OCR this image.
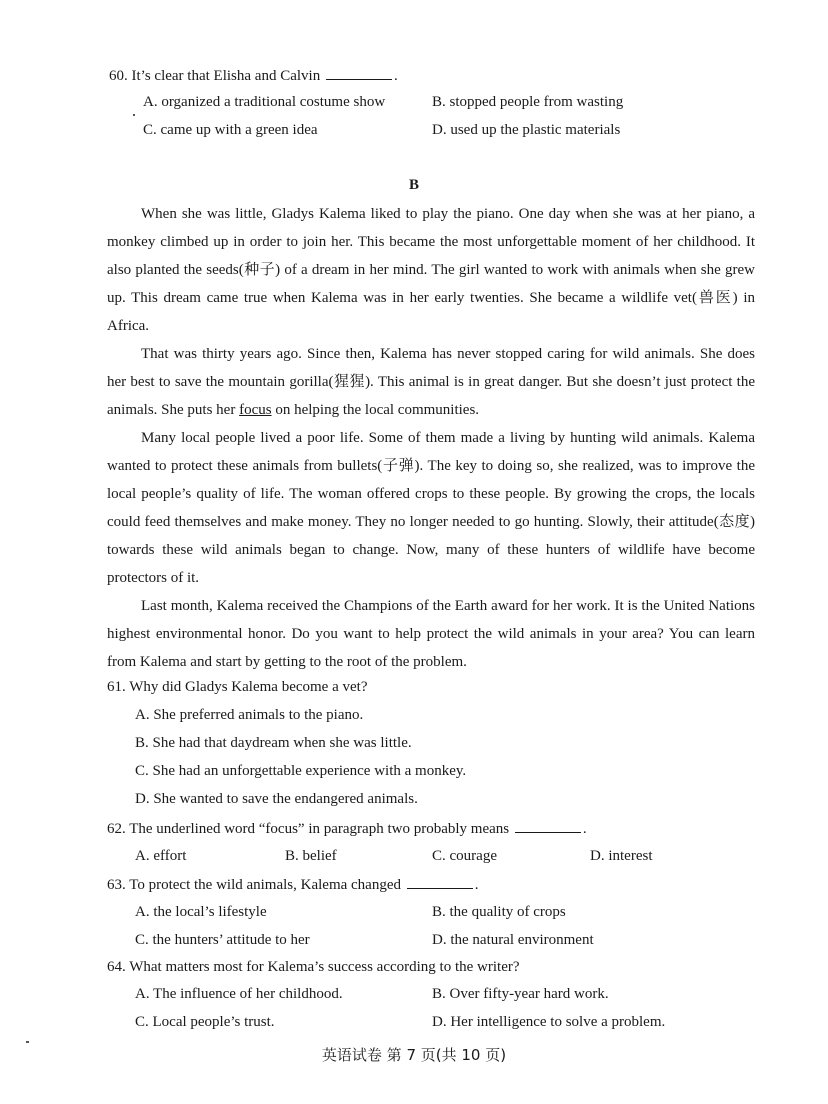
60. It’s clear that Elisha and Calvin	.
A. organized a traditional costume show	B. stopped people from wasting
C. came up with a green idea	D. used up the plastic materials
B

When she was little, Gladys Kalema liked to play the piano. One day when she was at her piano, a monkey climbed up in order to join her. This became the most unforgettable moment of her childhood. It also planted the seeds(种子) of a dream in her mind. The girl wanted to work with animals when she grew up. This dream came true when Kalema was in her early twenties. She became a wildlife vet(兽医) in Africa.

That was thirty years ago. Since then, Kalema has never stopped caring for wild animals. She does her best to save the mountain gorilla(猩猩). This animal is in great danger. But she doesn’t just protect the animals. She puts her focus on helping the local communities.

Many local people lived a poor life. Some of them made a living by hunting wild animals. Kalema wanted to protect these animals from bullets(子弹). The key to doing so, she realized, was to improve the local people’s quality of life. The woman offered crops to these people. By growing the crops, the locals could feed themselves and make money. They no longer needed to go hunting. Slowly, their attitude(态度) towards these wild animals began to change. Now, many of these hunters of wildlife have become protectors of it.

Last month, Kalema received the Champions of the Earth award for her work. It is the United Nations highest environmental honor. Do you want to help protect the wild animals in your area? You can learn from Kalema and start by getting to the root of the problem.

61. Why did Gladys Kalema become a vet?
A. She preferred animals to the piano.
B. She had that daydream when she was little.
C. She had an unforgettable experience with a monkey.
D. She wanted to save the endangered animals.
62. The underlined word “focus” in paragraph two probably means	.
A. effort	B. belief	C. courage	D. interest
63. To protect the wild animals, Kalema changed	.
A. the local’s lifestyle	B. the quality of crops
C. the hunters’ attitude to her	D. the natural environment
64. What matters most for Kalema’s success according to the writer?
A. The influence of her childhood.	B. Over fifty-year hard work.
C. Local people’s trust.	D. Her intelligence to solve a problem.
英语试卷 第 7 页(共 10 页)
